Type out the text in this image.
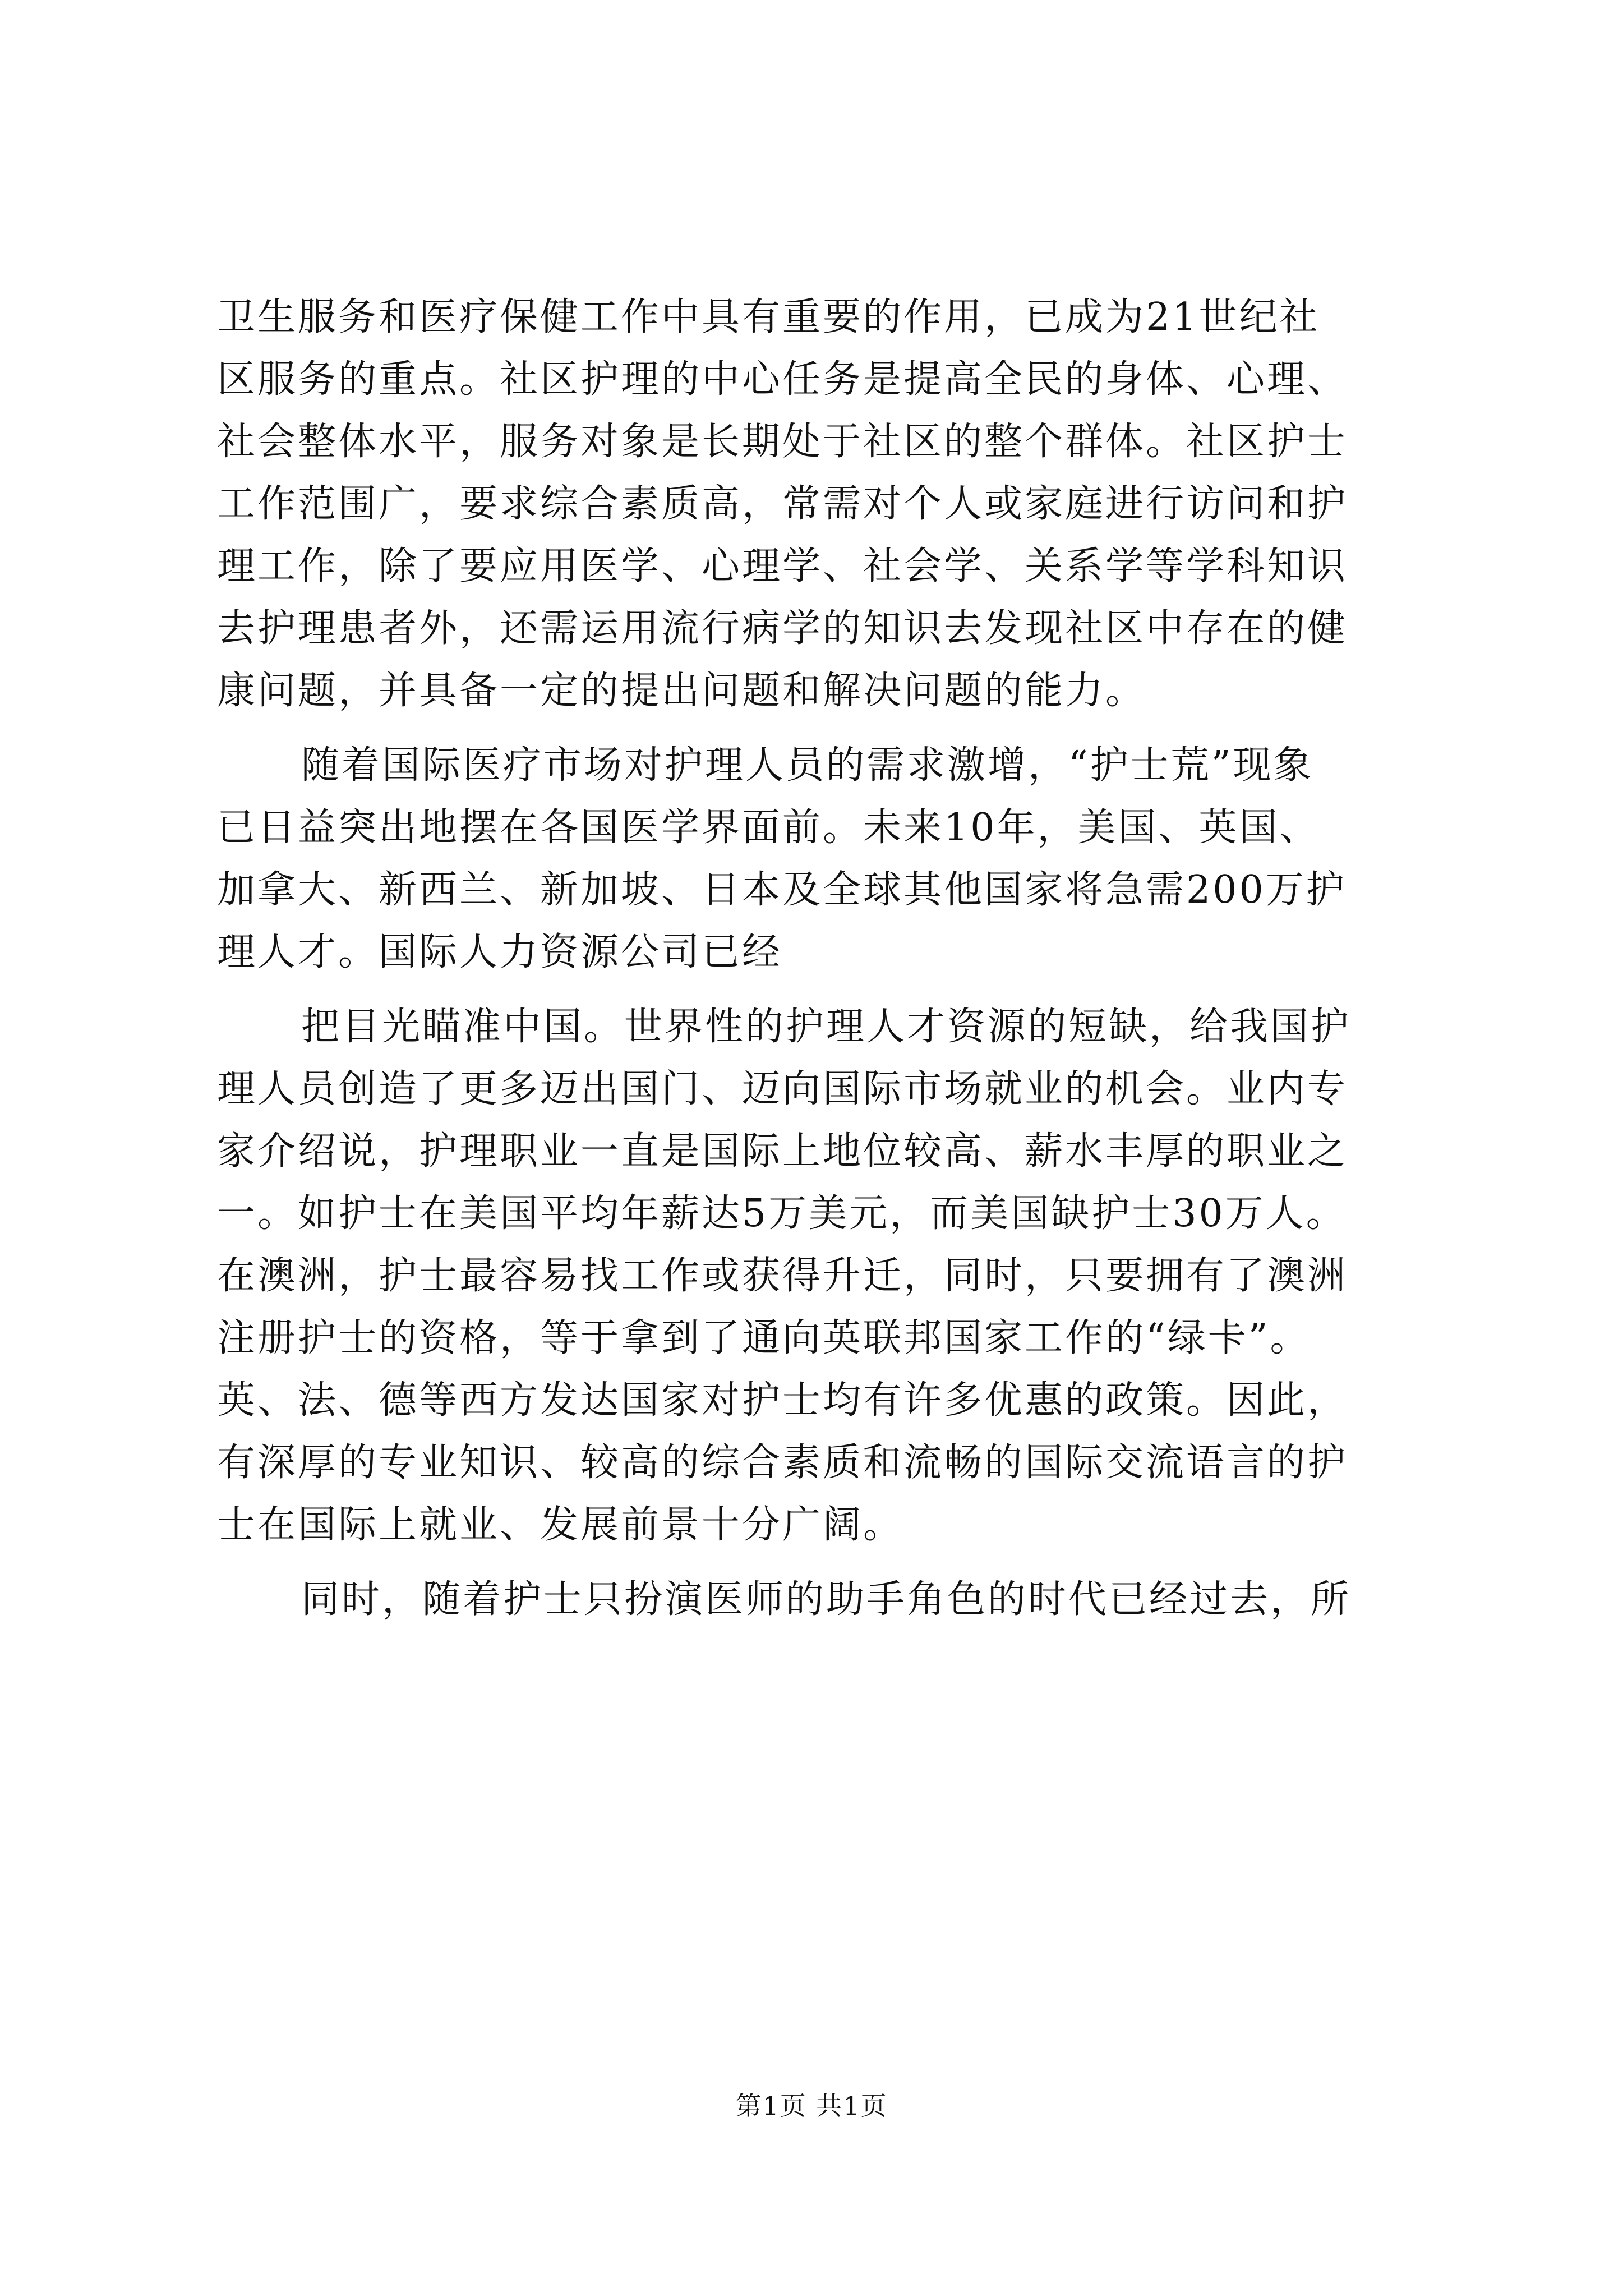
卫生服务和医疗保健工作中具有重要的作用，已成为21世纪社
区服务的重点。社区护理的中心任务是提高全民的身体、心理、
社会整体水平，服务对象是长期处于社区的整个群体。社区护士
工作范围广，要求综合素质高，常需对个人或家庭进行访问和护
理工作，除了要应用医学、心理学、社会学、关系学等学科知识
去护理患者外，还需运用流行病学的知识去发现社区中存在的健
康问题，并具备一定的提出问题和解决问题的能力。
随着国际医疗市场对护理人员的需求激增，“护士荒”现象
已日益突出地摆在各国医学界面前。未来10年，美国、英国、
加拿大、新西兰、新加坡、日本及全球其他国家将急需200万护
理人才。国际人力资源公司已经
把目光瞄准中国。世界性的护理人才资源的短缺，给我国护
理人员创造了更多迈出国门、迈向国际市场就业的机会。业内专
家介绍说，护理职业一直是国际上地位较高、薪水丰厚的职业之
一。如护士在美国平均年薪达5万美元，而美国缺护士30万人。
在澳洲，护士最容易找工作或获得升迁，同时，只要拥有了澳洲
注册护士的资格，等于拿到了通向英联邦国家工作的“绿卡”。
英、法、德等西方发达国家对护士均有许多优惠的政策。因此，
有深厚的专业知识、较高的综合素质和流畅的国际交流语言的护
士在国际上就业、发展前景十分广阔。
同时，随着护士只扮演医师的助手角色的时代已经过去，所
第1页 共1页
